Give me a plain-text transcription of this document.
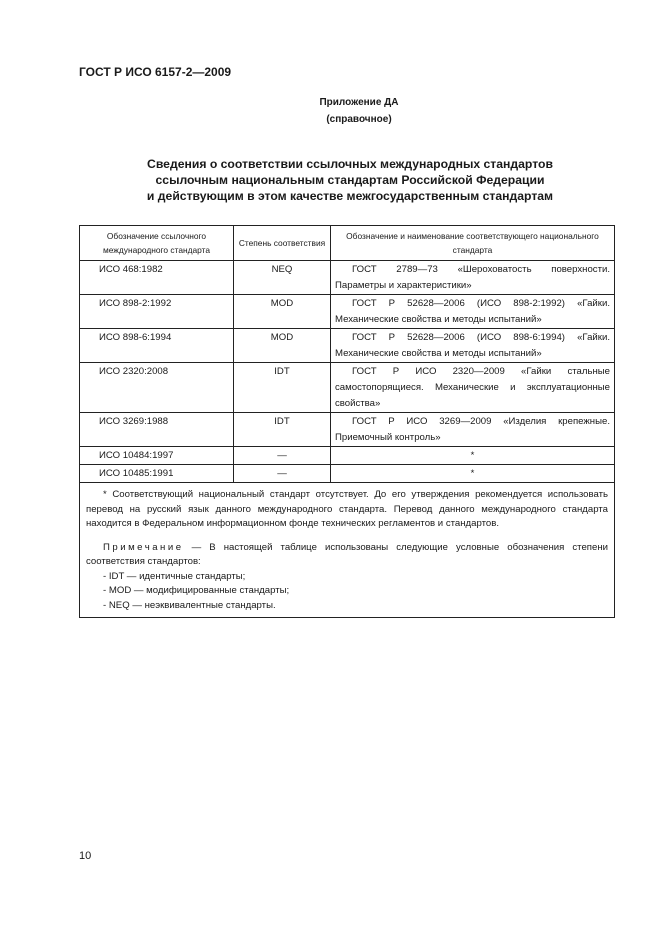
ГОСТ Р ИСО 6157-2—2009
Приложение ДА
(справочное)
Сведения о соответствии ссылочных международных стандартов
ссылочным национальным стандартам Российской Федерации
и действующим в этом качестве межгосударственным стандартам
Обозначение ссылочного международного стандарта	Степень соответствия	Обозначение и наименование соответствующего национального стандарта
ИСО 468:1982	NEQ	ГОСТ 2789—73 «Шероховатость поверхности. Параметры и характеристики»

ИСО 898-2:1992	MOD	ГОСТ Р 52628—2006 (ИСО 898-2:1992) «Гайки. Механические свойства и методы испытаний»

ИСО 898-6:1994	MOD	ГОСТ Р 52628—2006 (ИСО 898-6:1994) «Гайки. Механические свойства и методы испытаний»

ИСО 2320:2008	IDT	ГОСТ Р ИСО 2320—2009 «Гайки стальные самостопорящиеся. Механические и эксплуатационные свойства»

ИСО 3269:1988	IDT	ГОСТ Р ИСО 3269—2009 «Изделия крепежные. Приемочный контроль»

ИСО 10484:1997	—	*
ИСО 10485:1991	—	*

* Соответствующий национальный стандарт отсутствует. До его утверждения рекомендуется использовать перевод на русский язык данного международного стандарта. Перевод данного международного стандарта находится в Федеральном информационном фонде технических регламентов и стандартов.
Примечание — В настоящей таблице использованы следующие условные обозначения степени соответствия стандартов:
- IDT — идентичные стандарты;
- MOD — модифицированные стандарты;
- NEQ — неэквивалентные стандарты.		
10
